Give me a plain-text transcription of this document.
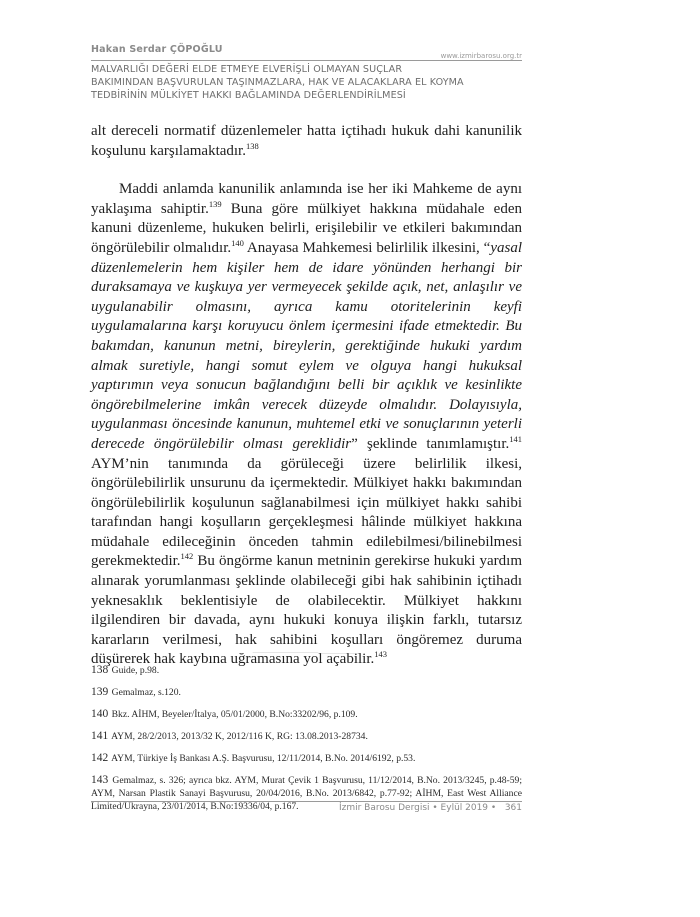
Hakan Serdar ÇÖPOĞLU
www.izmirbarosu.org.tr
MALVARLIĞI DEĞERİ ELDE ETMEYE ELVERİŞLİ OLMAYAN SUÇLAR
BAKIMINDAN BAŞVURULAN TAŞINMAZLARA, HAK VE ALACAKLARA EL KOYMA
TEDBİRİNİN MÜLKİYET HAKKI BAĞLAMINDA DEĞERLENDİRİLMESİ

alt dereceli normatif düzenlemeler hatta içtihadı hukuk dahi kanunilik koşulunu karşılamaktadır.$^{138}$

Maddi anlamda kanunilik anlamında ise her iki Mahkeme de aynı yaklaşıma sahiptir.$^{139}$ Buna göre mülkiyet hakkına müdahale eden kanuni düzenleme, hukuken belirli, erişilebilir ve etkileri bakımından öngörülebilir olmalıdır.$^{140}$ Anayasa Mahkemesi belirlilik ilkesini, “yasal düzenlemelerin hem kişiler hem de idare yönünden herhangi bir duraksamaya ve kuşkuya yer vermeyecek şekilde açık, net, anlaşılır ve uygulanabilir olmasını, ayrıca kamu otoritelerinin keyfi uygulamalarına karşı koruyucu önlem içermesini ifade etmektedir. Bu bakımdan, kanunun metni, bireylerin, gerektiğinde hukuki yardım almak suretiyle, hangi somut eylem ve olguya hangi hukuksal yaptırımın veya sonucun bağlandığını belli bir açıklık ve kesinlikte öngörebilmelerine imkân verecek düzeyde olmalıdır. Dolayısıyla, uygulanması öncesinde kanunun, muhtemel etki ve sonuçlarının yeterli derecede öngörülebilir olması gereklidir” şeklinde tanımlamıştır.$^{141}$ AYM’nin tanımında da görüleceği üzere belirlilik ilkesi, öngörülebilirlik unsurunu da içermektedir. Mülkiyet hakkı bakımından öngörülebilirlik koşulunun sağlanabilmesi için mülkiyet hakkı sahibi tarafından hangi koşulların gerçekleşmesi hâlinde mülkiyet hakkına müdahale edileceğinin önceden tahmin edilebilmesi/bilinebilmesi gerekmektedir.$^{142}$ Bu öngörme kanun metninin gerekirse hukuki yardım alınarak yorumlanması şeklinde olabileceği gibi hak sahibinin içtihadı yeknesaklık beklentisiyle de olabilecektir. Mülkiyet hakkını ilgilendiren bir davada, aynı hukuki konuya ilişkin farklı, tutarsız kararların verilmesi, hak sahibini koşulları öngöremez duruma düşürerek hak kaybına uğramasına yol açabilir.$^{143}$

138 Guide, p.98.
139 Gemalmaz, s.120.
140 Bkz. AİHM, Beyeler/İtalya, 05/01/2000, B.No:33202/96, p.109.
141 AYM, 28/2/2013, 2013/32 K, 2012/116 K, RG: 13.08.2013-28734.
142 AYM, Türkiye İş Bankası A.Ş. Başvurusu, 12/11/2014, B.No. 2014/6192, p.53.
143 Gemalmaz, s. 326; ayrıca bkz. AYM, Murat Çevik 1 Başvurusu, 11/12/2014, B.No. 2013/3245, p.48-59; AYM, Narsan Plastik Sanayi Başvurusu, 20/04/2016, B.No. 2013/6842, p.77-92; AİHM, East West Alliance Limited/Ukrayna, 23/01/2014, B.No:19336/04, p.167.	İzmir Barosu Dergisi • Eylül 2019 • 361
